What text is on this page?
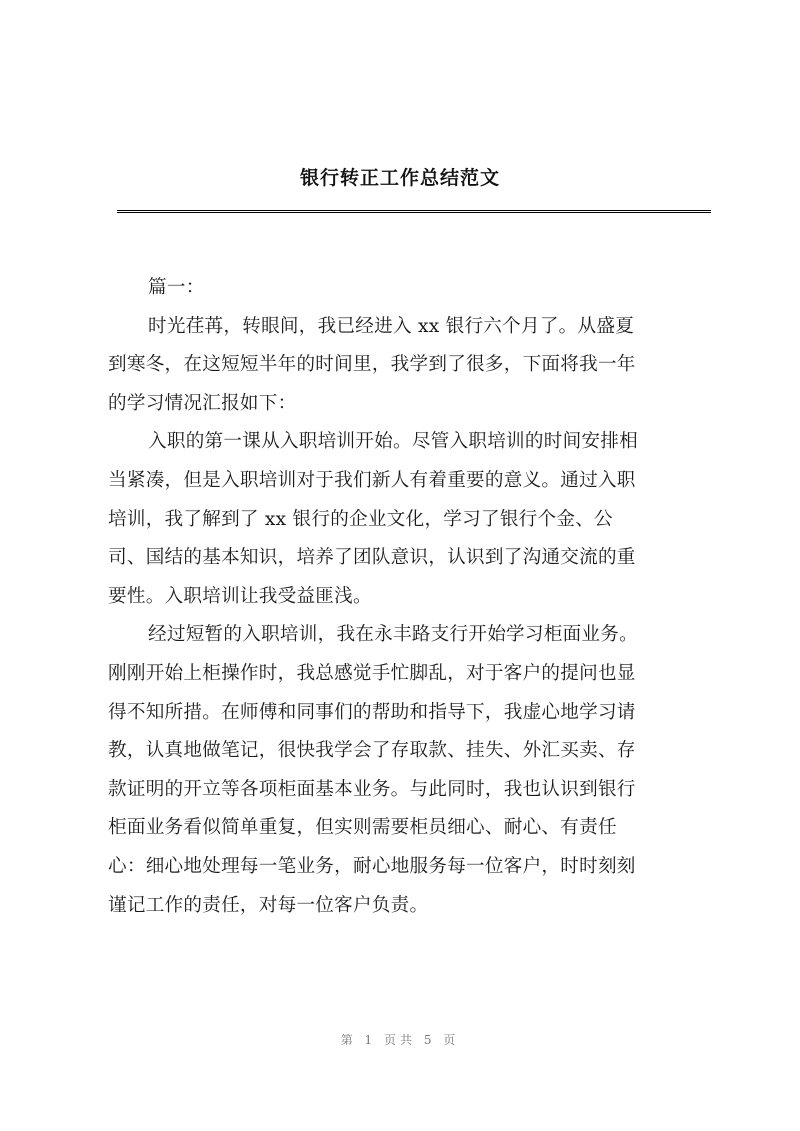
银行转正工作总结范文
篇一：
时光荏苒，转眼间，我已经进入 xx 银行六个月了。从盛夏
到寒冬，在这短短半年的时间里，我学到了很多，下面将我一年
的学习情况汇报如下：
入职的第一课从入职培训开始。尽管入职培训的时间安排相
当紧凑，但是入职培训对于我们新人有着重要的意义。通过入职
培训，我了解到了 xx 银行的企业文化，学习了银行个金、公
司、国结的基本知识，培养了团队意识，认识到了沟通交流的重
要性。入职培训让我受益匪浅。
经过短暂的入职培训，我在永丰路支行开始学习柜面业务。
刚刚开始上柜操作时，我总感觉手忙脚乱，对于客户的提问也显
得不知所措。在师傅和同事们的帮助和指导下，我虚心地学习请
教，认真地做笔记，很快我学会了存取款、挂失、外汇买卖、存
款证明的开立等各项柜面基本业务。与此同时，我也认识到银行
柜面业务看似简单重复，但实则需要柜员细心、耐心、有责任
心：细心地处理每一笔业务，耐心地服务每一位客户，时时刻刻
谨记工作的责任，对每一位客户负责。
第 1 页共 5 页
